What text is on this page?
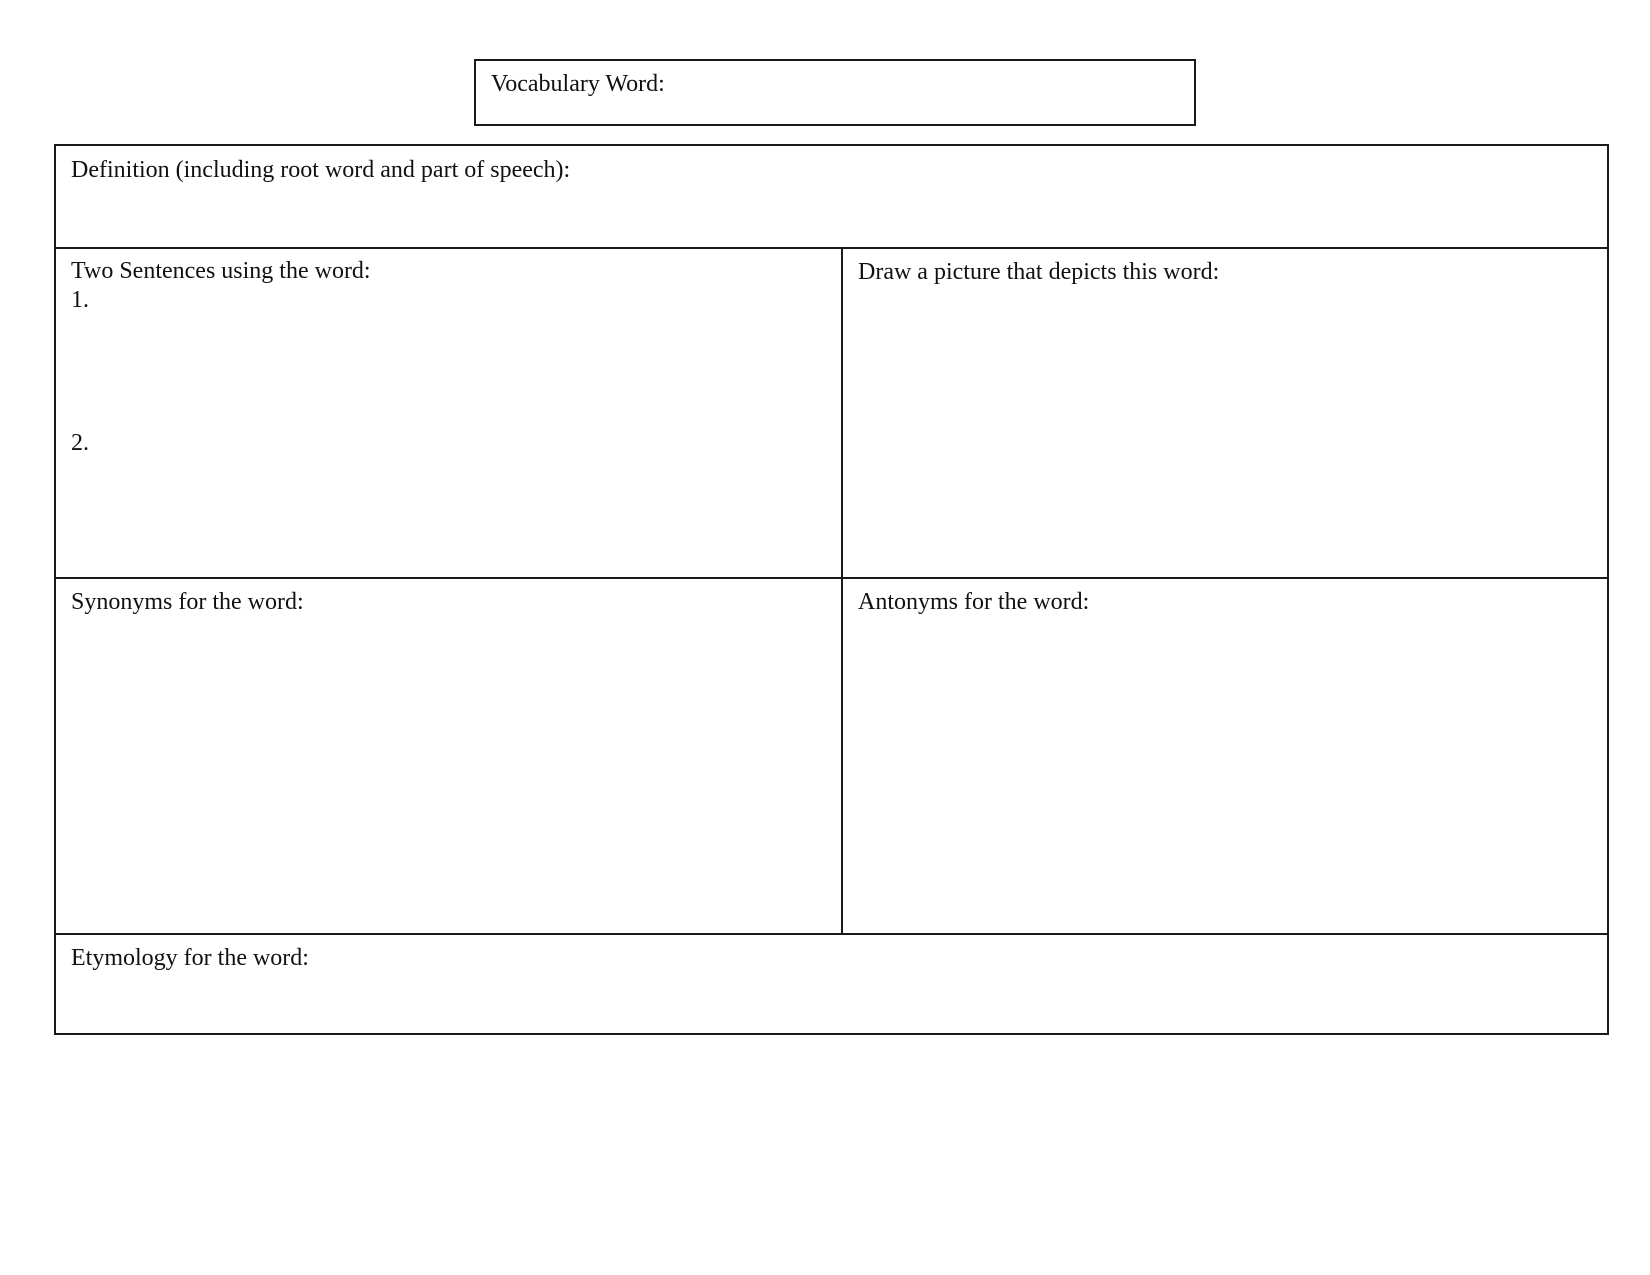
Vocabulary Word:
Definition (including root word and part of speech):
Two Sentences using the word:
1.
2.
Draw a picture that depicts this word:
Synonyms for the word:	Antonyms for the word:
Etymology for the word:
